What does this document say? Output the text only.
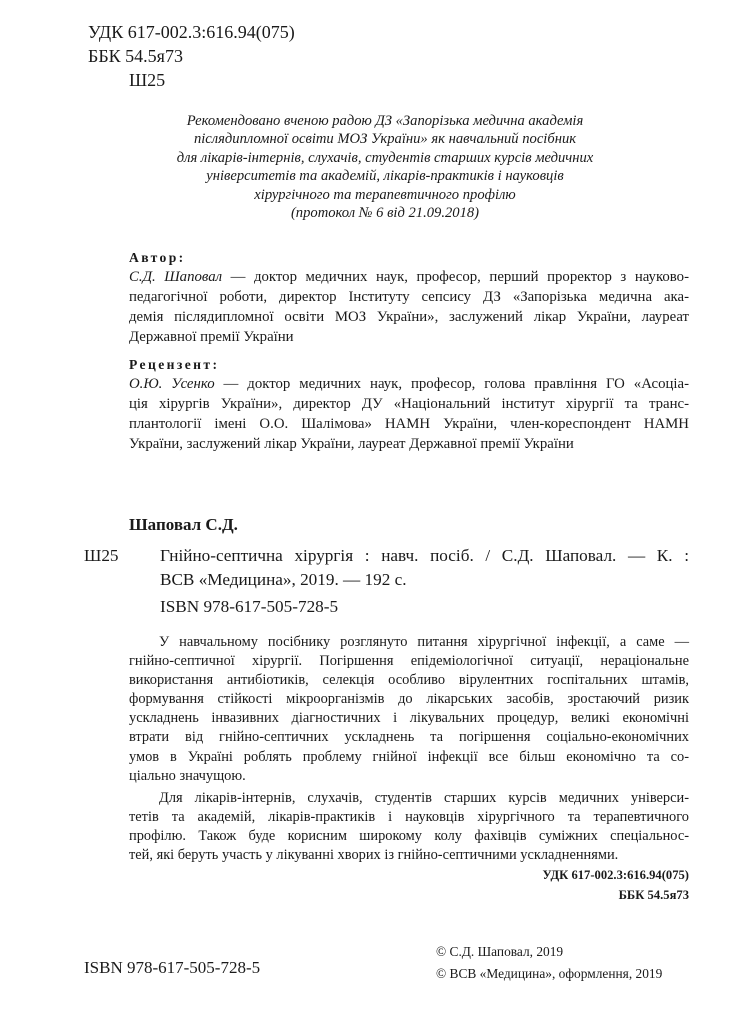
УДК 617-002.3:616.94(075)

ББК 54.5я73

Ш25

Рекомендовано вченою радою ДЗ «Запорізька медична академія
післядипломної освіти МОЗ України» як навчальний посібник
для лікарів-інтернів, слухачів, студентів старших курсів медичних
університетів та академій, лікарів-практиків і науковців
хірургічного та терапевтичного профілю
(протокол № 6 від 21.09.2018)
Автор:
С.Д. Шаповал — доктор медичних наук, професор, перший проректор з науково-
педагогічної роботи, директор Інституту сепсису ДЗ «Запорізька медична ака-
демія післядипломної освіти МОЗ України», заслужений лікар України, лауреат
Державної премії України
Рецензент:
О.Ю. Усенко — доктор медичних наук, професор, голова правління ГО «Асоціа-
ція хірургів України», директор ДУ «Національний інститут хірургії та транс-
плантології імені О.О. Шалімова» НАМН України, член-кореспондент НАМН
України, заслужений лікар України, лауреат Державної премії України

Шаповал С.Д.

Ш25 Гнійно-септична хірургія : навч. посіб. / С.Д. Шаповал. — К. :
ВСВ «Медицина», 2019. — 192 с.
ISBN 978-617-505-728-5
У навчальному посібнику розглянуто питання хірургічної інфекції, а саме —
гнійно-септичної хірургії. Погіршення епідеміологічної ситуації, нераціональне
використання антибіотиків, селекція особливо вірулентних госпітальних штамів,
формування стійкості мікроорганізмів до лікарських засобів, зростаючий ризик
ускладнень інвазивних діагностичних і лікувальних процедур, великі економічні
втрати від гнійно-септичних ускладнень та погіршення соціально-економічних
умов в Україні роблять проблему гнійної інфекції все більш економічно та со-
ціально значущою.
Для лікарів-інтернів, слухачів, студентів старших курсів медичних універси-
тетів та академій, лікарів-практиків і науковців хірургічного та терапевтичного
профілю. Також буде корисним широкому колу фахівців суміжних спеціальнос-
тей, які беруть участь у лікуванні хворих із гнійно-септичними ускладненнями.
УДК 617-002.3:616.94(075)
ББК 54.5я73

ISBN 978-617-505-728-5

© С.Д. Шаповал, 2019
© ВСВ «Медицина», оформлення, 2019
